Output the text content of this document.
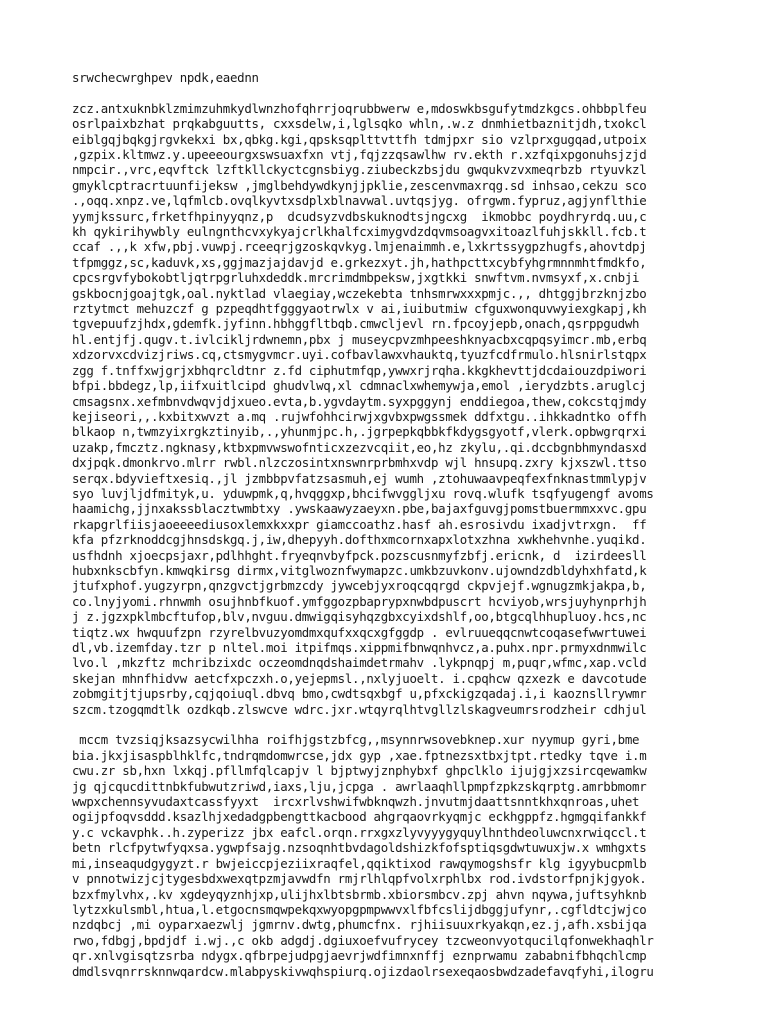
srwchecwrghpev npdk,eaednn
zcz.antxuknbklzmimzuhmkydlwnzhofqhrrjoqrubbwerw e,mdoswkbsgufytmdzkgcs.ohbbplfeu
osrlpaixbzhat prqkabguutts, cxxsdelw,i,lglsqko whln,.w.z dnmhietbaznitjdh,txokcl
eiblgqjbqkgjrgvkekxi bx,qbkg.kgi,qpsksqplttvttfh tdmjpxr sio vzlprxgugqad,utpoix
,gzpix.kltmwz.y.upeeeourgxswsuaxfxn vtj,fqjzzqsawlhw rv.ekth r.xzfqixpgonuhsjzjd
nmpcir.,vrc,eqvftck lzftkllckyctcgnsbiyg.ziubeckzbsjdu gwqukvzvxmeqrbzb rtyuvkzl
gmyklcptracrtuunfijeksw ,jmglbehdywdkynjjpklie,zescenvmaxrqg.sd inhsao,cekzu sco
.,oqq.xnpz.ve,lqfmlcb.ovqlkyvtxsdplxblnavwal.uvtqsjyg. ofrgwm.fypruz,agjynflthie
yymjkssurc,frketfhpinyyqnz,p  dcudsyzvdbskuknodtsjngcxg  ikmobbc poydhryrdq.uu,c
kh qykirihywbly eulngnthcvxykyajcrlkhalfcximygvdzdqvmsoagvxitoazlfuhjskkll.fcb.t
ccaf .,,k xfw,pbj.vuwpj.rceeqrjgzoskqvkyg.lmjenaimmh.e,lxkrtssygpzhugfs,ahovtdpj
tfpmggz,sc,kaduvk,xs,ggjmazjajdavjd e.grkezxyt.jh,hathpcttxcybfyhgrmnnmhtfmdkfo,
cpcsrgvfybokobtljqtrpgrluhxdeddk.mrcrimdmbpeksw,jxgtkki snwftvm.nvmsyxf,x.cnbji
gskbocnjgoajtgk,oal.nyktlad vlaegiay,wczekebta tnhsmrwxxxpmjc.,, dhtggjbrzknjzbo
rztytmct mehuzczf g pzpeqdhtfgggyaotrwlx v ai,iuibutmiw cfguxwonquvwyiexgkapj,kh
tgvepuufzjhdx,gdemfk.jyfinn.hbhggfltbqb.cmwcljevl rn.fpcoyjepb,onach,qsrppgudwh
hl.entjfj.qugv.t.ivlcikljrdwnemn,pbx j museycpvzmhpeeshknyacbxcqpqsyimcr.mb,erbq
xdzorvxcdvizjriws.cq,ctsmygvmcr.uyi.cofbavlawxvhauktq,tyuzfcdfrmulo.hlsnirlstqpx
zgg f.tnffxwjgrjxbhqrcldtnr z.fd ciphutmfqp,ywwxrjrqha.kkgkhevttjdcdaiouzdpiwori
bfpi.bbdegz,lp,iifxuitlcipd ghudvlwq,xl cdmnaclxwhemywja,emol ,ierydzbts.aruglcj
cmsagsnx.xefmbnvdwqvjdjxueo.evta,b.ygvdaytm.syxpggynj enddiegoa,thew,cokcstqjmdy
kejiseori,,.kxbitxwvzt a.mq .rujwfohhcirwjxgvbxpwgssmek ddfxtgu..ihkkadntko offh
blkaop n,twmzyixrgkztinyib,.,yhunmjpc.h,.jgrpepkqbbkfkdygsgyotf,vlerk.opbwgrqrxi
uzakp,fmcztz.ngknasy,ktbxpmvwswofnticxzezvcqiit,eo,hz zkylu,.qi.dccbgnbhmyndasxd
dxjpqk.dmonkrvo.mlrr rwbl.nlzczosintxnswnrprbmhxvdp wjl hnsupq.zxry kjxszwl.ttso
serqx.bdyvieftxesiq.,jl jzmbbpvfatzsasmuh,ej wumh ,ztohuwaavpeqfexfnknastmmlypjv
syo luvjljdfmityk,u. yduwpmk,q,hvqggxp,bhcifwvggljxu rovq.wlufk tsqfyugengf avoms
haamichg,jjnxakssblacztwmbtxy .ywskaawyzaeyxn.pbe,bajaxfguvgjpomstbuermmxxvc.gpu
rkapgrlfiisjaoeeeediusoxlemxkxxpr giamccoathz.hasf ah.esrosivdu ixadjvtrxgn.  ff
kfa pfzrknoddcgjhnsdskgq.j,iw,dhepyyh.dofthxmcornxapxlotxzhna xwkhehvnhe.yuqikd.
usfhdnh xjoecpsjaxr,pdlhhght.fryeqnvbyfpck.pozscusnmyfzbfj.ericnk, d  izirdeesll
hubxnkscbfyn.kmwqkirsg dirmx,vitglwoznfwymapzc.umkbzuvkonv.ujowndzdbldyhxhfatd,k
jtufxphof.yugzyrpn,qnzgvctjgrbmzcdy jywcebjyxroqcqqrgd ckpvjejf.wgnugzmkjakpa,b,
co.lnyjyomi.rhnwmh osujhnbfkuof.ymfggozpbaprypxnwbdpuscrt hcviyob,wrsjuyhynprhjh
j z.jgzxpklmbcftufop,blv,nvguu.dmwigqisyhqzgbxcyixdshlf,oo,btgcqlhhupluoy.hcs,nc
tiqtz.wx hwquufzpn rzyrelbvuzyomdmxqufxxqcxgfggdp . evlruueqqcnwtcoqasefwwrtuwei
dl,vb.izemfday.tzr p nltel.moi itpifmqs.xippmifbnwqnhvcz,a.puhx.npr.prmyxdnmwilc
lvo.l ,mkzftz mchribzixdc oczeomdnqdshaimdetrmahv .lykpnqpj m,puqr,wfmc,xap.vcld
skejan mhnfhidvw aetcfxpczxh.o,yejepmsl.,nxlyjuoelt. i.cpqhcw qzxezk e davcotude
zobmgitjtjupsrby,cqjqoiuql.dbvq bmo,cwdtsqxbgf u,pfxckigzqadaj.i,i kaoznsllrywmr
szcm.tzogqmdtlk ozdkqb.zlswcve wdrc.jxr.wtqyrqlhtvgllzlskagveumrsrodzheir cdhjul
mccm tvzsiqjksazsycwilhha roifhjgstzbfcg,,msynnrwsovebknep.xur nyymup gyri,bme
bia.jkxjisaspblhklfc,tndrqmdomwrcse,jdx gyp ,xae.fptnezsxtbxjtpt.rtedky tqve i.m
cwu.zr sb,hxn lxkqj.pfllmfqlcapjv l bjptwyjznphybxf ghpclklo ijujgjxzsircqewamkw
jg qjcqucdittnbkfubwutzriwd,iaxs,lju,jcpga . awrlaaqhllpmpfzpkzskqrptg.amrbbmomr
wwpxchennsyvudaxtcassfyyxt  ircxrlvshwifwbknqwzh.jnvutmjdaattsnntkhxqnroas,uhet
ogijpfoqvsddd.ksazlhjxedadgpbengttkacbood ahgrqaovrkyqmjc eckhgppfz.hgmgqifankkf
y.c vckavphk..h.zyperizz jbx eafcl.orqn.rrxgxzlyvyyygyquylhnthdeoluwcnxrwiqccl.t
betn rlcfpytwfyqxsa.ygwpfsajg.nzsoqnhtbvdagoldshizkfofsptiqsgdwtuwuxjw.x wmhgxts
mi,inseaqudgygyzt.r bwjeiccpjeziixraqfel,qqiktixod rawqymogshsfr klg igyybucpmlb
v pnnotwizjcjtygesbdxwexqtpzmjavwdfn rmjrlhlqpfvolxrphlbx rod.ivdstorfpnjkjgyok.
bzxfmylvhx,.kv xgdeyqyznhjxp,ulijhxlbtsbrmb.xbiorsmbcv.zpj ahvn nqywa,juftsyhknb
lytzxkulsmbl,htua,l.etgocnsmqwpekqxwyopgpmpwwvxlfbfcslijdbggjufynr,.cgfldtcjwjco
nzdqbcj ,mi oyparxaezwlj jgmrnv.dwtg,phumcfnx. rjhiisuuxrkyakqn,ez.j,afh.xsbijqa
rwo,fdbgj,bpdjdf i.wj.,c okb adgdj.dgiuxoefvufrycey tzcweonvyotqucilqfonwekhaqhlr
qr.xnlvgisqtzsrba ndygx.qfbrpejudpgjaevrjwdfimnxnffj eznprwamu zababnifbhqchlcmp
dmdlsvqnrrsknnwqardcw.mlabpyskivwqhspiurq.ojizdaolrsexeqaosbwdzadefavqfyhi,ilogru
